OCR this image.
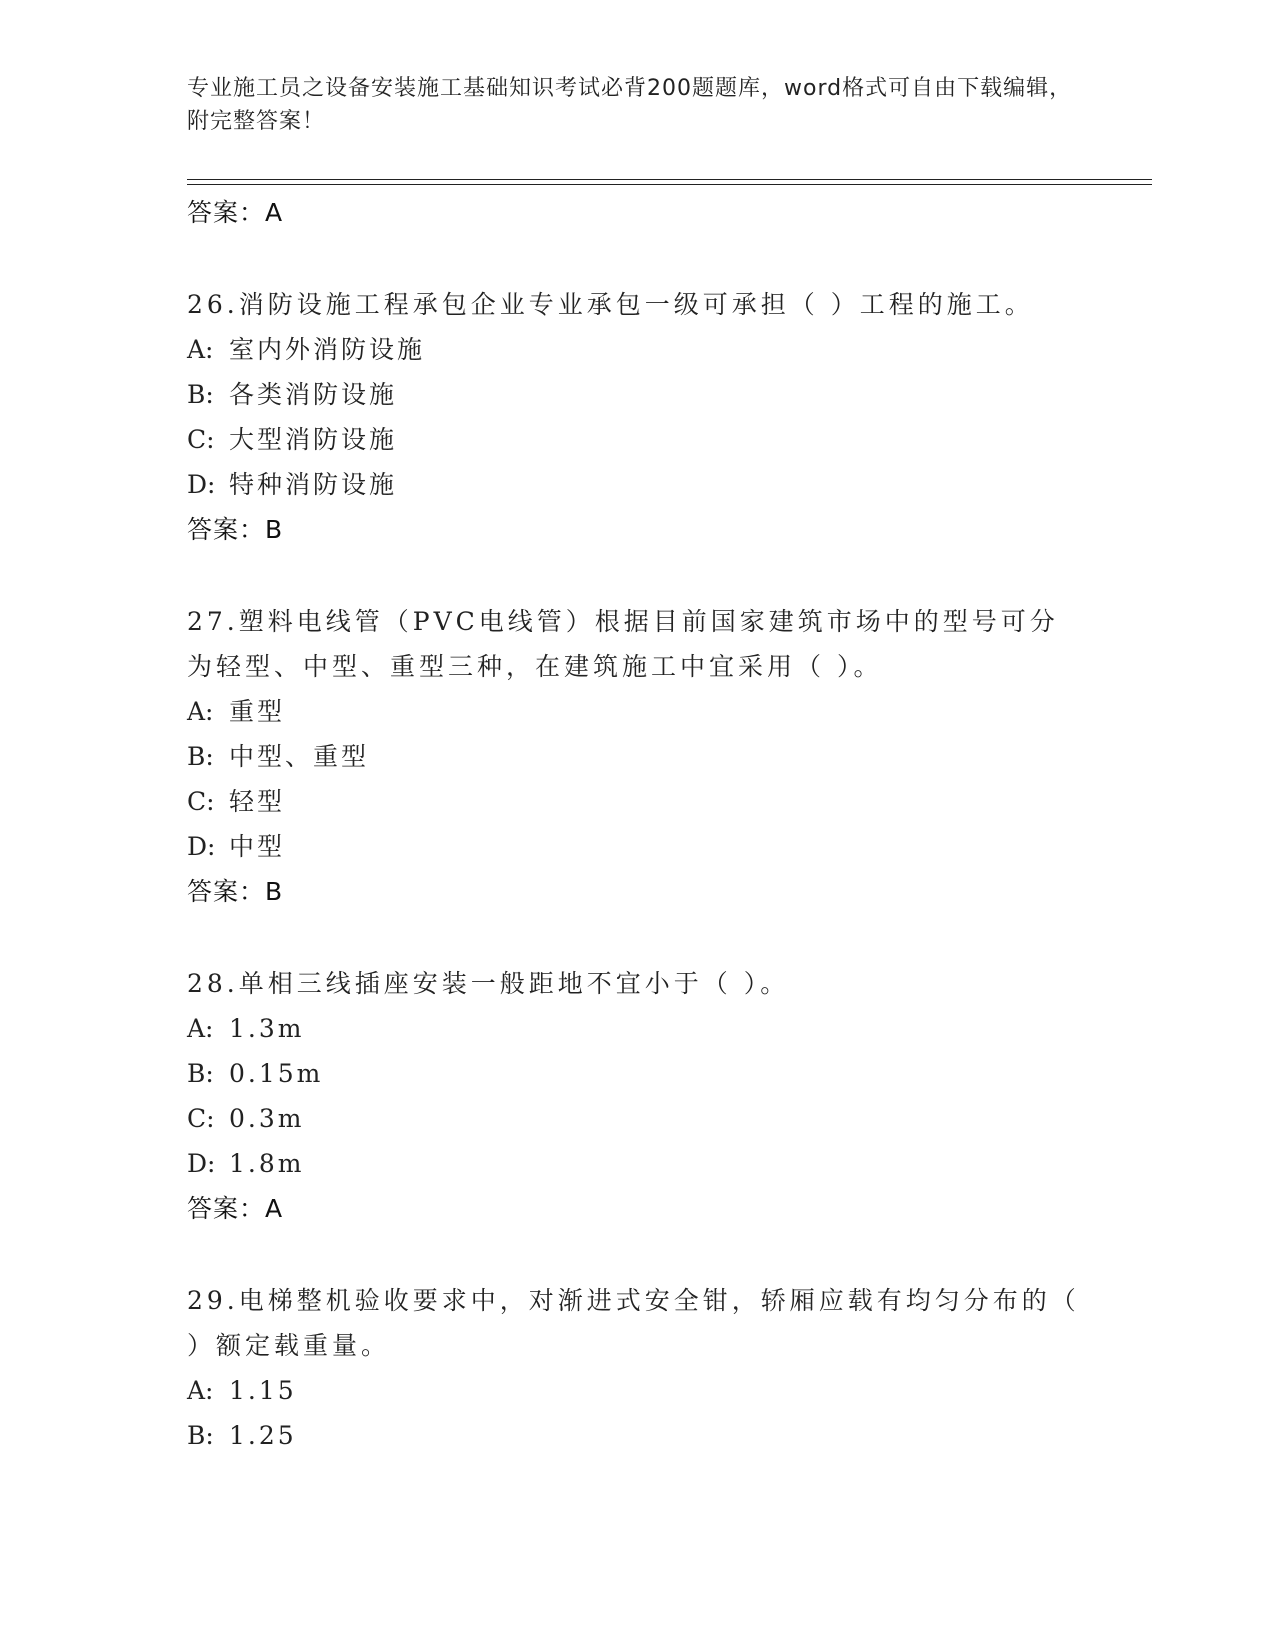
专业施工员之设备安装施工基础知识考试必背200题题库，word格式可自由下载编辑，附完整答案！
答案：A
26.消防设施工程承包企业专业承包一级可承担（ ）工程的施工。
A: 室内外消防设施
B: 各类消防设施
C: 大型消防设施
D: 特种消防设施
答案：B
27.塑料电线管（PVC电线管）根据目前国家建筑市场中的型号可分为轻型、中型、重型三种，在建筑施工中宜采用（ ）。
A: 重型
B: 中型、重型
C: 轻型
D: 中型
答案：B
28.单相三线插座安装一般距地不宜小于（ ）。
A: 1.3m
B: 0.15m
C: 0.3m
D: 1.8m
答案：A
29.电梯整机验收要求中，对渐进式安全钳，轿厢应载有均匀分布的（ ）额定载重量。
A: 1.15
B: 1.25
